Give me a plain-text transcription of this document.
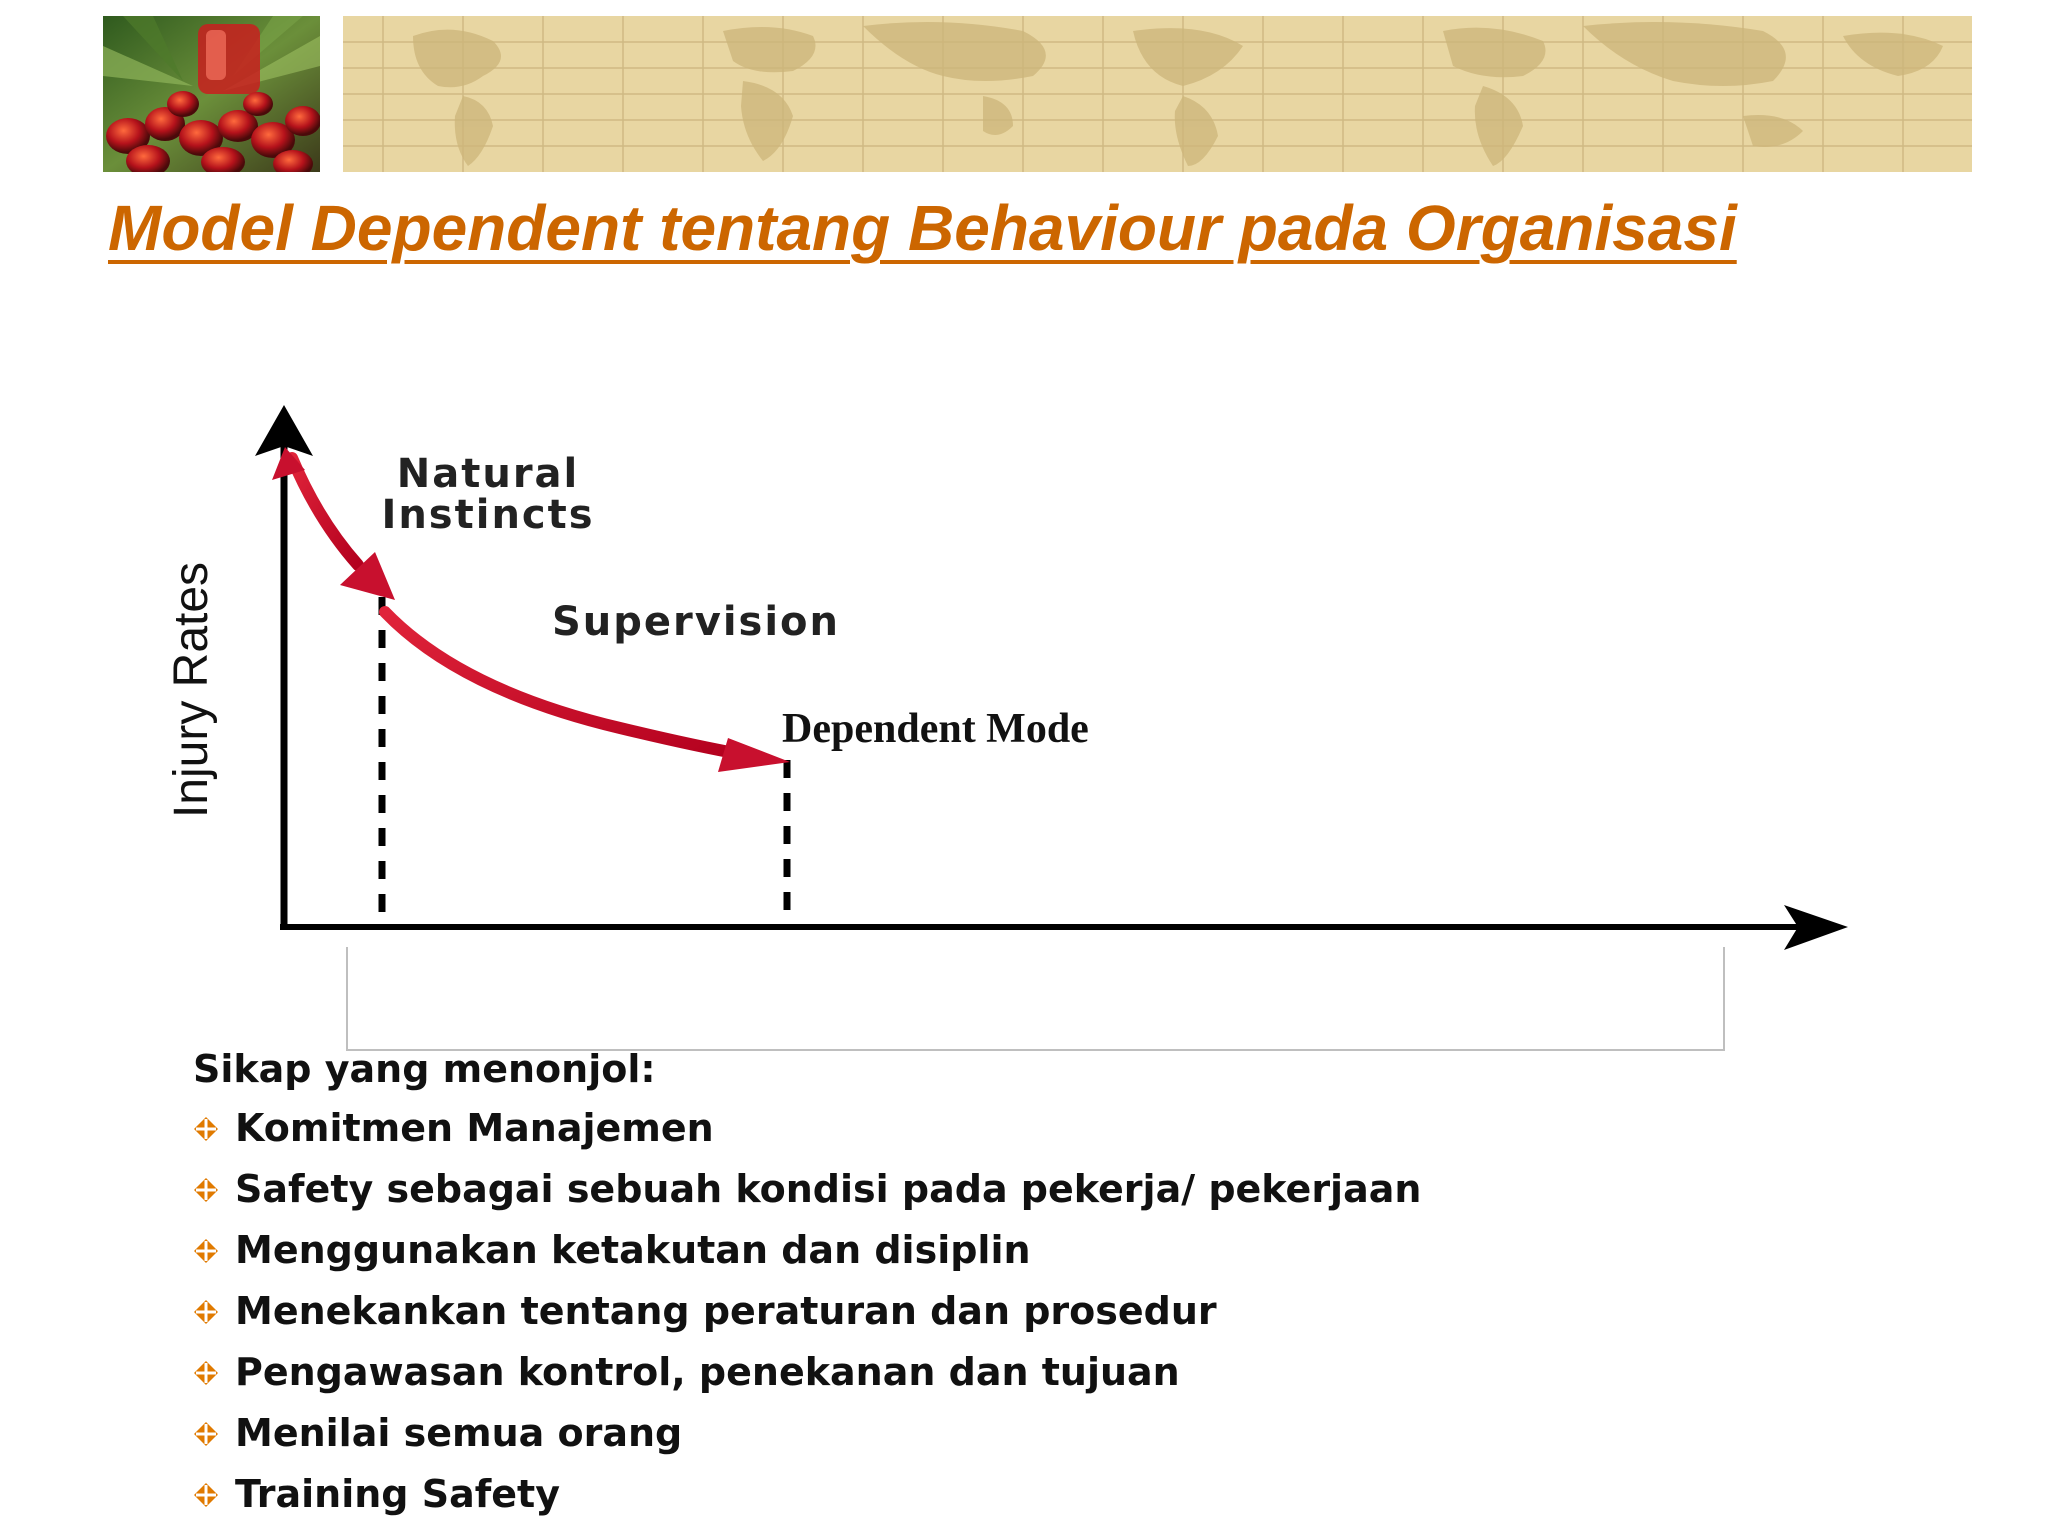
Model Dependent tentang Behaviour pada Organisasi
Injury Rates
Natural
Instincts
Supervision
Dependent Mode
Sikap yang menonjol:
Komitmen Manajemen
Safety sebagai sebuah kondisi pada pekerja/ pekerjaan
Menggunakan ketakutan dan disiplin
Menekankan tentang peraturan dan prosedur
Pengawasan kontrol, penekanan dan tujuan
Menilai semua orang
Training Safety
